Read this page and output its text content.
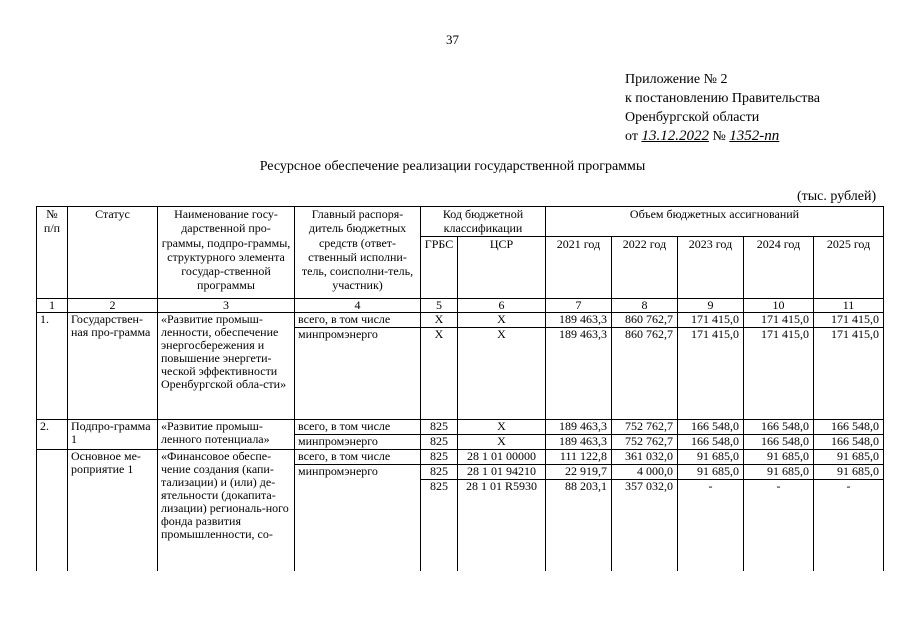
37
Приложение № 2
к постановлению Правительства
Оренбургской области
от 13.12.2022 № 1352-пп
Ресурсное обеспечение реализации государственной программы
(тыс. рублей)
№ п/п	Статус	Наименование госу-дарственной про-граммы, подпро-граммы, структурного элемента государ-ственной программы	Главный распоря-дитель бюджетных средств (ответ-ственный исполни-тель, соисполни-тель, участник)	Код бюджетной классификации		Объем бюджетных ассигнований				
				ГРБС	ЦСР	2021 год	2022 год	2023 год	2024 год	2025 год
1	2	3	4	5	6	7	8	9	10	11
1.	Государствен-ная про-грамма	«Развитие промыш-ленности, обеспечение энергосбережения и повышение энергети-ческой эффективности Оренбургской обла-сти»	всего, в том числе	Х	Х	189 463,3	860 762,7	171 415,0	171 415,0	171 415,0
			минпромэнерго	Х	Х	189 463,3	860 762,7	171 415,0	171 415,0	171 415,0
2.	Подпро-грамма 1	«Развитие промыш-ленного потенциала»	всего, в том числе	825	Х	189 463,3	752 762,7	166 548,0	166 548,0	166 548,0
			минпромэнерго	825	Х	189 463,3	752 762,7	166 548,0	166 548,0	166 548,0
	Основное ме-роприятие 1	«Финансовое обеспе-чение создания (капи-тализации) и (или) де-ятельности (докапита-лизации) региональ-ного фонда развития промышленности, со-	всего, в том числе	825	28 1 01 00000	111 122,8	361 032,0	91 685,0	91 685,0	91 685,0
			минпромэнерго	825	28 1 01 94210	22 919,7	4 000,0	91 685,0	91 685,0	91 685,0
				825	28 1 01 R5930	88 203,1	357 032,0	-	-	-
